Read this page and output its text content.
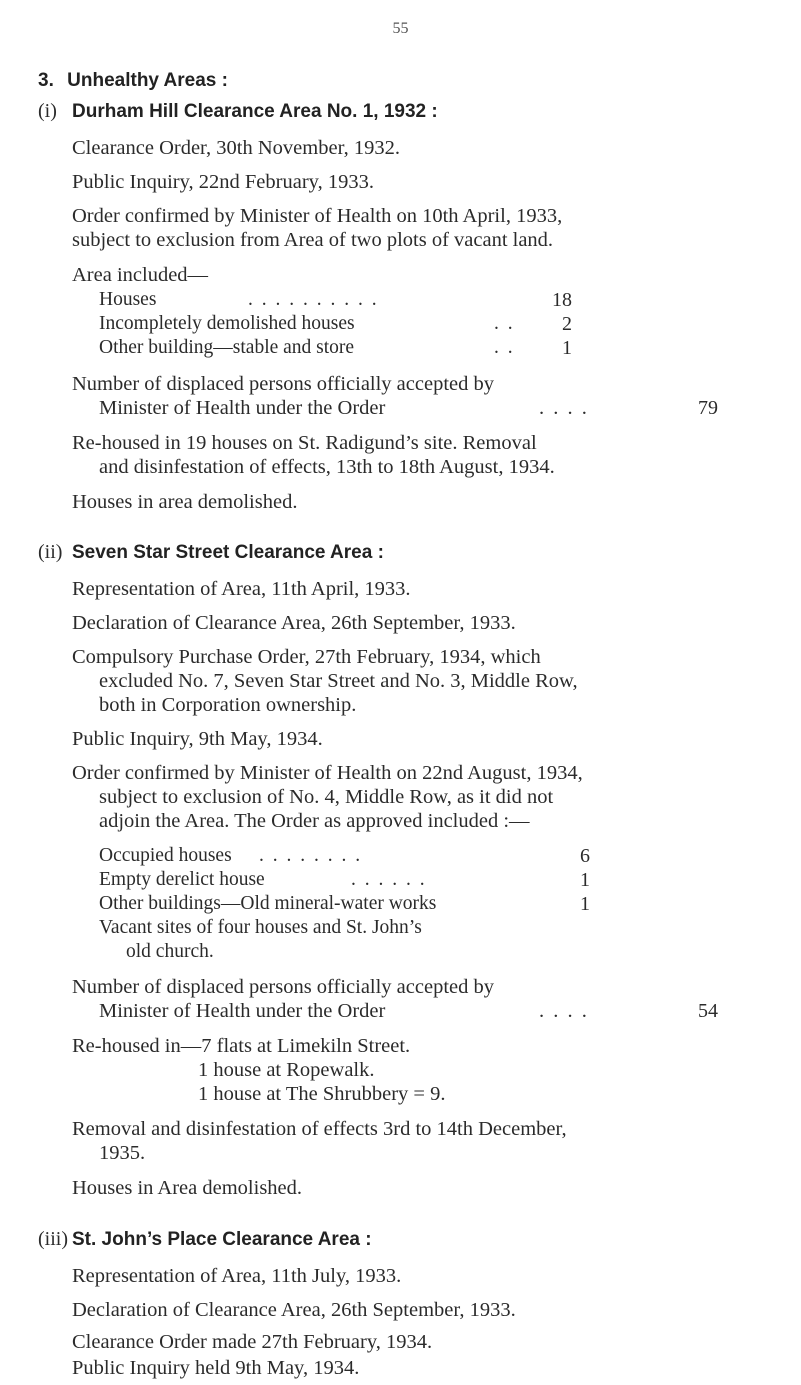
55
3. Unhealthy Areas :
(i) Durham Hill Clearance Area No. 1, 1932 :
Clearance Order, 30th November, 1932.
Public Inquiry, 22nd February, 1933.
Order confirmed by Minister of Health on 10th April, 1933,
subject to exclusion from Area of two plots of vacant land.
Area included—
Houses	. . . . . . . . . .	18
Incompletely demolished houses	. .	2
Other building—stable and store	. .	1
Number of displaced persons officially accepted by
Minister of Health under the Order	. . . .	79
Re-housed in 19 houses on St. Radigund’s site. Removal
and disinfestation of effects, 13th to 18th August, 1934.
Houses in area demolished.
(ii) Seven Star Street Clearance Area :
Representation of Area, 11th April, 1933.
Declaration of Clearance Area, 26th September, 1933.
Compulsory Purchase Order, 27th February, 1934, which
excluded No. 7, Seven Star Street and No. 3, Middle Row,
both in Corporation ownership.
Public Inquiry, 9th May, 1934.
Order confirmed by Minister of Health on 22nd August, 1934,
subject to exclusion of No. 4, Middle Row, as it did not
adjoin the Area. The Order as approved included :—
Occupied houses . . . . . . . .	6
Empty derelict house	. . . . . .	1
Other buildings—Old mineral-water works	1
Vacant sites of four houses and St. John’s
old church.
Number of displaced persons officially accepted by
Minister of Health under the Order	. . . .	54
Re-housed in—7 flats at Limekiln Street.
1 house at Ropewalk.
1 house at The Shrubbery = 9.
Removal and disinfestation of effects 3rd to 14th December,
1935.
Houses in Area demolished.
(iii) St. John’s Place Clearance Area :
Representation of Area, 11th July, 1933.
Declaration of Clearance Area, 26th September, 1933.
Clearance Order made 27th February, 1934.
Public Inquiry held 9th May, 1934.
